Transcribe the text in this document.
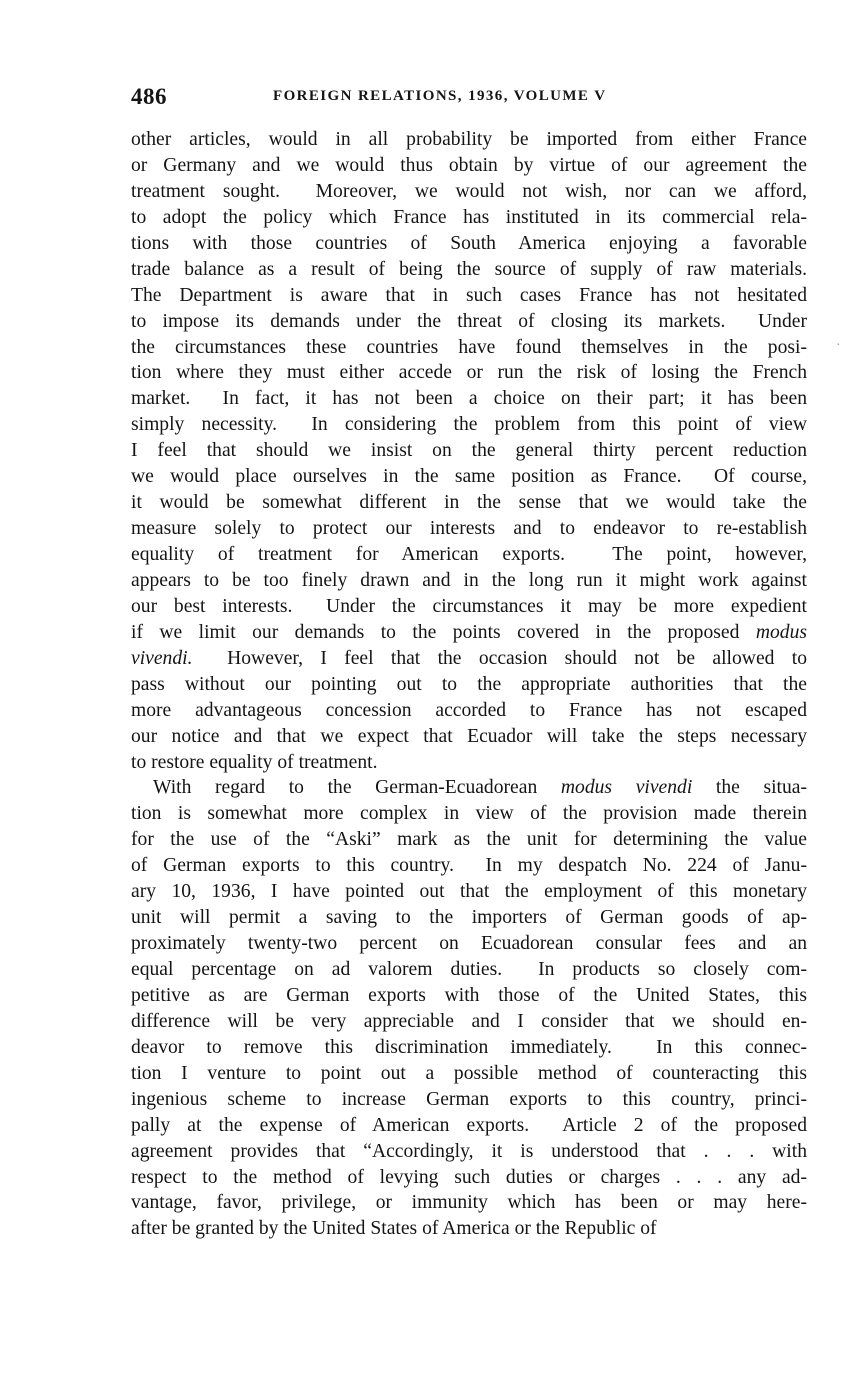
486	FOREIGN RELATIONS, 1936, VOLUME V
other articles, would in all probability be imported from either France
or Germany and we would thus obtain by virtue of our agreement the
treatment sought.  Moreover, we would not wish, nor can we afford,
to adopt the policy which France has instituted in its commercial rela-
tions with those countries of South America enjoying a favorable
trade balance as a result of being the source of supply of raw materials.
The Department is aware that in such cases France has not hesitated
to impose its demands under the threat of closing its markets.  Under
the circumstances these countries have found themselves in the posi-
tion where they must either accede or run the risk of losing the French
market.  In fact, it has not been a choice on their part; it has been
simply necessity.  In considering the problem from this point of view
I feel that should we insist on the general thirty percent reduction
we would place ourselves in the same position as France.  Of course,
it would be somewhat different in the sense that we would take the
measure solely to protect our interests and to endeavor to re-establish
equality of treatment for American exports.  The point, however,
appears to be too finely drawn and in the long run it might work against
our best interests.  Under the circumstances it may be more expedient
if we limit our demands to the points covered in the proposed modus
vivendi.  However, I feel that the occasion should not be allowed to
pass without our pointing out to the appropriate authorities that the
more advantageous concession accorded to France has not escaped
our notice and that we expect that Ecuador will take the steps necessary
to restore equality of treatment.
With regard to the German-Ecuadorean modus vivendi the situa-
tion is somewhat more complex in view of the provision made therein
for the use of the “Aski” mark as the unit for determining the value
of German exports to this country.  In my despatch No. 224 of Janu-
ary 10, 1936, I have pointed out that the employment of this monetary
unit will permit a saving to the importers of German goods of ap-
proximately twenty-two percent on Ecuadorean consular fees and an
equal percentage on ad valorem duties.  In products so closely com-
petitive as are German exports with those of the United States, this
difference will be very appreciable and I consider that we should en-
deavor to remove this discrimination immediately.  In this connec-
tion I venture to point out a possible method of counteracting this
ingenious scheme to increase German exports to this country, princi-
pally at the expense of American exports.  Article 2 of the proposed
agreement provides that “Accordingly, it is understood that . . . with
respect to the method of levying such duties or charges . . . any ad-
vantage, favor, privilege, or immunity which has been or may here-
after be granted by the United States of America or the Republic of
·
